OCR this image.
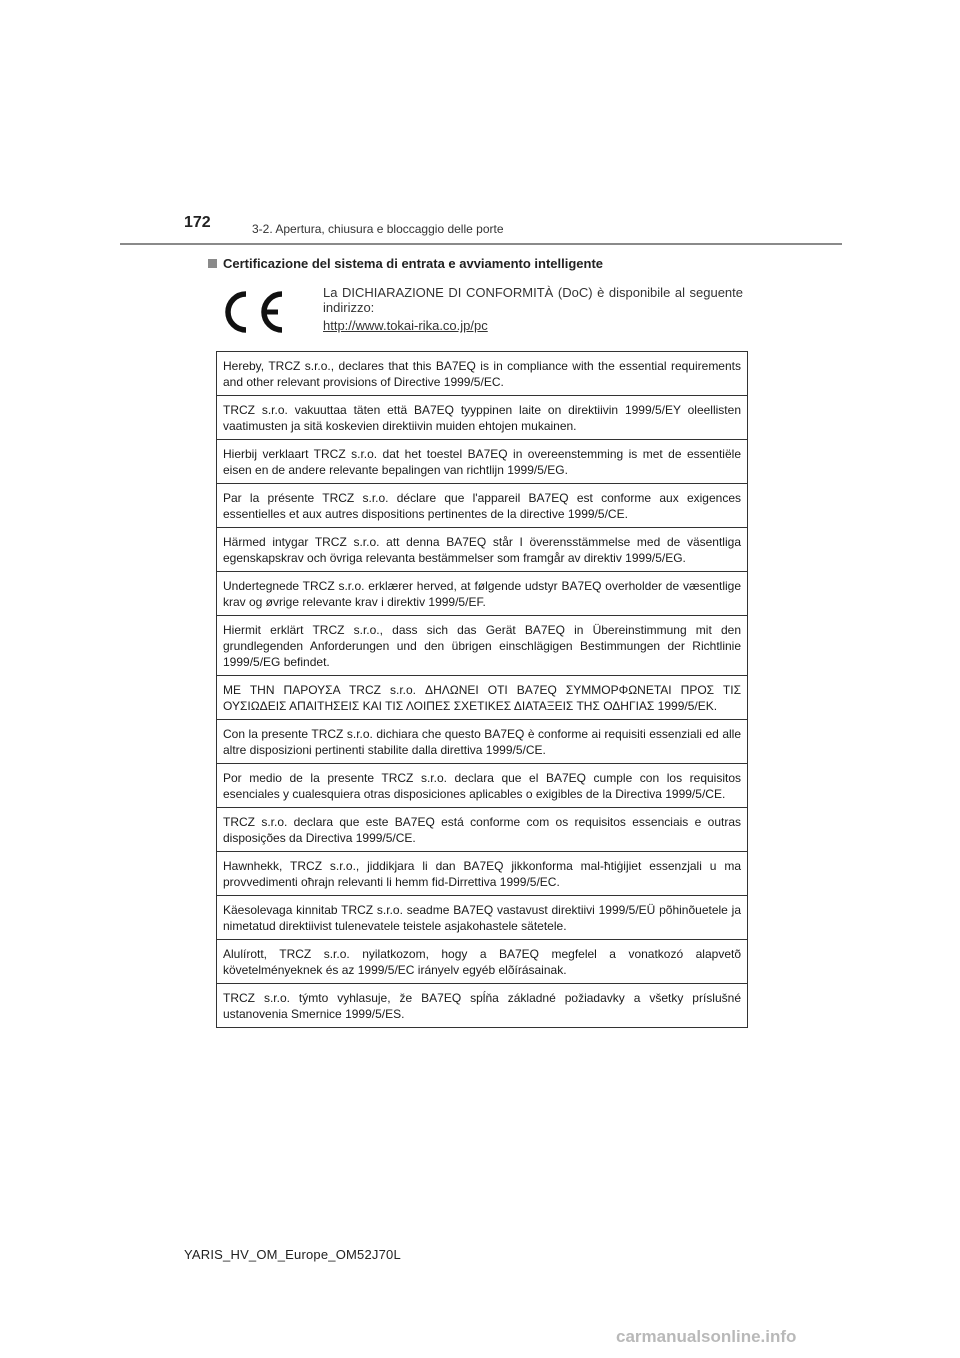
172	3-2. Apertura, chiusura e bloccaggio delle porte
Certificazione del sistema di entrata e avviamento intelligente
La DICHIARAZIONE DI CONFORMITÀ (DoC) è disponibile al seguente indirizzo:
http://www.tokai-rika.co.jp/pc
Hereby, TRCZ s.r.o., declares that this BA7EQ is in compliance with the essential requirements and other relevant provisions of Directive 1999/5/EC.
TRCZ s.r.o. vakuuttaa täten että BA7EQ tyyppinen laite on direktiivin 1999/5/EY oleellisten vaatimusten ja sitä koskevien direktiivin muiden ehtojen mukainen.
Hierbij verklaart TRCZ s.r.o. dat het toestel BA7EQ in overeenstemming is met de essentiële eisen en de andere relevante bepalingen van richtlijn 1999/5/EG.
Par la présente TRCZ s.r.o. déclare que l'appareil BA7EQ est conforme aux exigences essentielles et aux autres dispositions pertinentes de la directive 1999/5/CE.
Härmed intygar TRCZ s.r.o. att denna BA7EQ står I överensstämmelse med de väsentliga egenskapskrav och övriga relevanta bestämmelser som framgår av direktiv 1999/5/EG.
Undertegnede TRCZ s.r.o. erklærer herved, at følgende udstyr BA7EQ overholder de væsentlige krav og øvrige relevante krav i direktiv 1999/5/EF.
Hiermit erklärt TRCZ s.r.o., dass sich das Gerät BA7EQ in Übereinstimmung mit den grundlegenden Anforderungen und den übrigen einschlägigen Bestimmungen der Richtlinie 1999/5/EG befindet.
ΜΕ ΤΗΝ ΠΑΡΟΥΣΑ TRCZ s.r.o. ΔΗΛΩΝΕΙ ΟΤΙ BA7EQ ΣΥΜΜΟΡΦΩΝΕΤΑΙ ΠΡΟΣ ΤΙΣ ΟΥΣΙΩΔΕΙΣ ΑΠΑΙΤΗΣΕΙΣ ΚΑΙ ΤΙΣ ΛΟΙΠΕΣ ΣΧΕΤΙΚΕΣ ΔΙΑΤΑΞΕΙΣ ΤΗΣ ΟΔΗΓΙΑΣ 1999/5/ΕΚ.
Con la presente TRCZ s.r.o. dichiara che questo BA7EQ è conforme ai requisiti essenziali ed alle altre disposizioni pertinenti stabilite dalla direttiva 1999/5/CE.
Por medio de la presente TRCZ s.r.o. declara que el BA7EQ cumple con los requisitos esenciales y cualesquiera otras disposiciones aplicables o exigibles de la Directiva 1999/5/CE.
TRCZ s.r.o. declara que este BA7EQ está conforme com os requisitos essenciais e outras disposições da Directiva 1999/5/CE.
Hawnhekk, TRCZ s.r.o., jiddikjara li dan BA7EQ jikkonforma mal-ħtiġijiet essenzjali u ma provvedimenti oħrajn relevanti li hemm fid-Dirrettiva 1999/5/EC.
Käesolevaga kinnitab TRCZ s.r.o. seadme BA7EQ vastavust direktiivi 1999/5/EÜ põhinõuetele ja nimetatud direktiivist tulenevatele teistele asjakohastele sätetele.
Alulírott, TRCZ s.r.o. nyilatkozom, hogy a BA7EQ megfelel a vonatkozó alapvetõ követelményeknek és az 1999/5/EC irányelv egyéb elõírásainak.
TRCZ s.r.o. týmto vyhlasuje, že BA7EQ spĺňa základné požiadavky a všetky príslušné ustanovenia Smernice 1999/5/ES.
YARIS_HV_OM_Europe_OM52J70L
carmanualsonline.info
